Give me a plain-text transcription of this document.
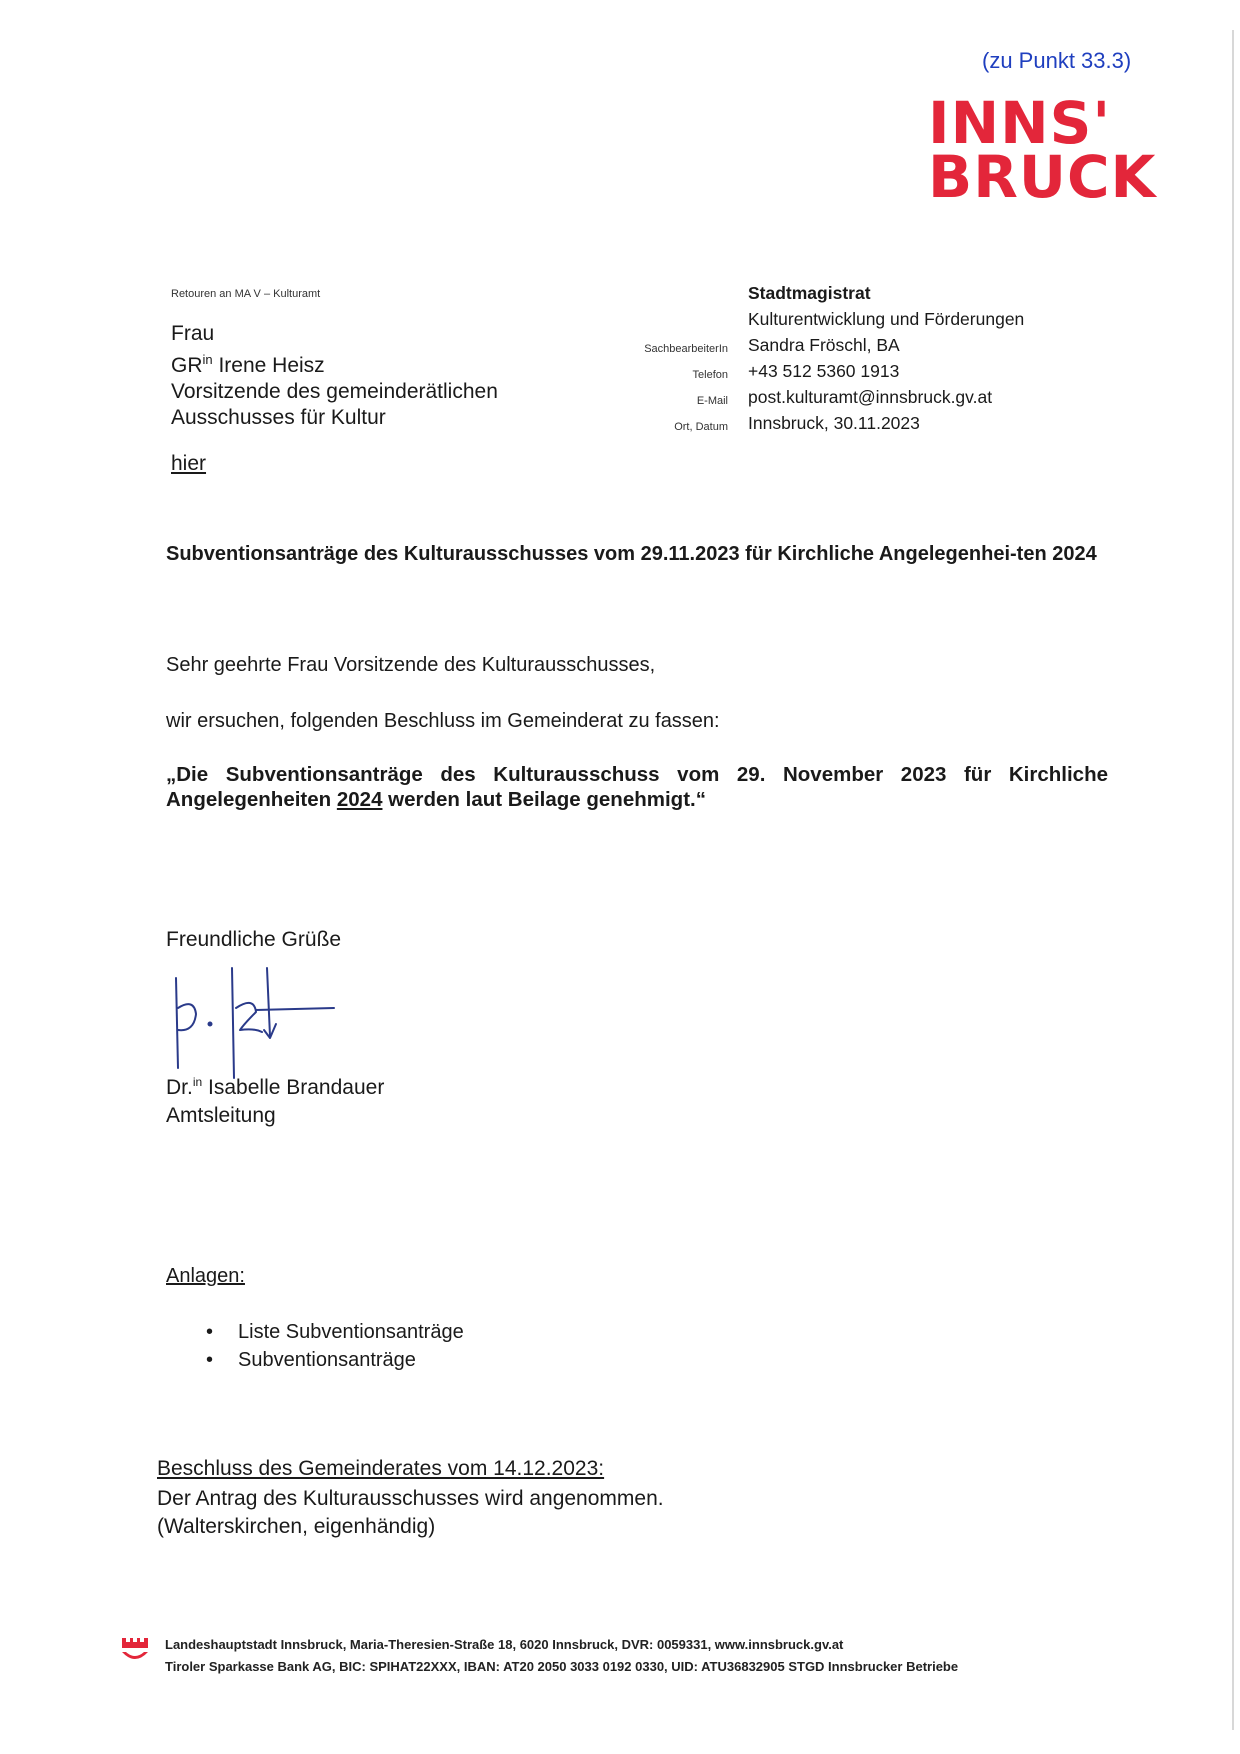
(zu Punkt 33.3)
INNS'
BRUCK
Retouren an MA V – Kulturamt
Frau
$GR^{in}$ Irene Heisz
Vorsitzende des gemeinderätlichen
Ausschusses für Kultur
hier
SachbearbeiterIn
Telefon
E-Mail
Ort, Datum
Stadtmagistrat
Kulturentwicklung und Förderungen
Sandra Fröschl, BA
+43 512 5360 1913
post.kulturamt@innsbruck.gv.at
Innsbruck, 30.11.2023
Subventionsanträge des Kulturausschusses vom 29.11.2023 für Kirchliche Angelegenhei-ten 2024
Sehr geehrte Frau Vorsitzende des Kulturausschusses,
wir ersuchen, folgenden Beschluss im Gemeinderat zu fassen:
„Die Subventionsanträge des Kulturausschuss vom 29. November 2023 für Kirchliche
Angelegenheiten 2024 werden laut Beilage genehmigt.“
Freundliche Grüße
Dr.$^{in}$ Isabelle Brandauer
Amtsleitung
Anlagen:
• Liste Subventionsanträge
• Subventionsanträge
Beschluss des Gemeinderates vom 14.12.2023:
Der Antrag des Kulturausschusses wird angenommen.
(Walterskirchen, eigenhändig)
Landeshauptstadt Innsbruck, Maria-Theresien-Straße 18, 6020 Innsbruck, DVR: 0059331, www.innsbruck.gv.at
Tiroler Sparkasse Bank AG, BIC: SPIHAT22XXX, IBAN: AT20 2050 3033 0192 0330, UID: ATU36832905 STGD Innsbrucker Betriebe
